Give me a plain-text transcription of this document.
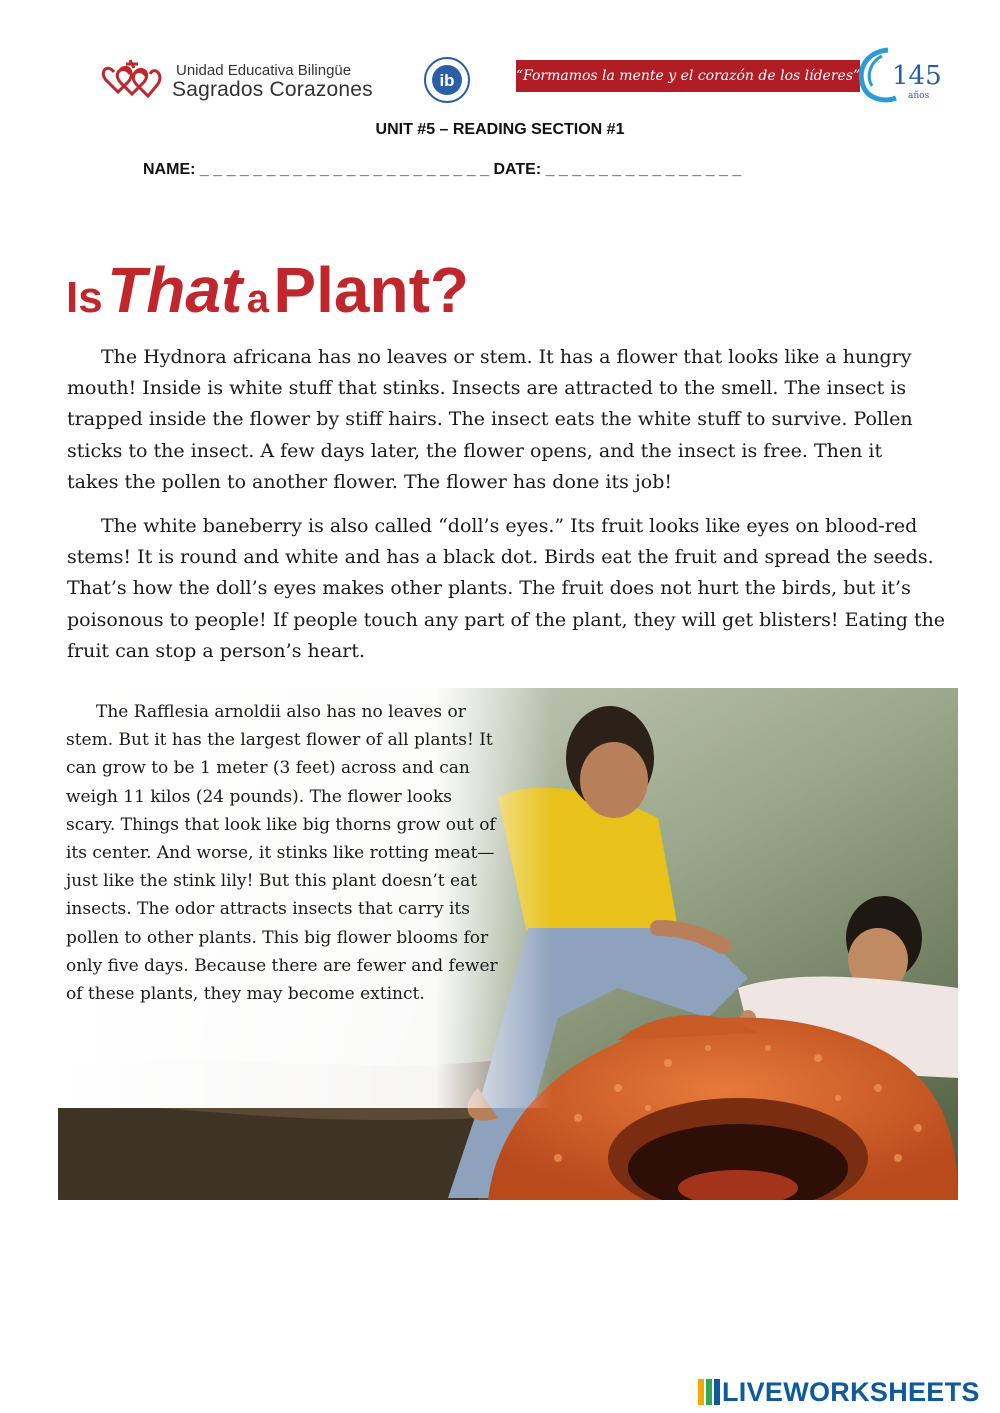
Unidad Educativa Bilingüe
Sagrados Corazones	ib	“Formamos la mente y el corazón de los líderes” 145
años
UNIT #5 – READING SECTION #1
NAME: _ _ _ _ _ _ _ _ _ _ _ _ _ _ _ _ _ _ _ _ _ _ DATE: _ _ _ _ _ _ _ _ _ _ _ _ _ _ _
Is That a Plant?
The Hydnora africana has no leaves or stem. It has a flower that looks like a hungry mouth! Inside is white stuff that stinks. Insects are attracted to the smell. The insect is trapped inside the flower by stiff hairs. The insect eats the white stuff to survive. Pollen sticks to the insect. A few days later, the flower opens, and the insect is free. Then it takes the pollen to another flower. The flower has done its job!
The white baneberry is also called “doll’s eyes.” Its fruit looks like eyes on blood-red stems! It is round and white and has a black dot. Birds eat the fruit and spread the seeds. That’s how the doll’s eyes makes other plants. The fruit does not hurt the birds, but it’s poisonous to people! If people touch any part of the plant, they will get blisters! Eating the fruit can stop a person’s heart.
The Rafflesia arnoldii also has no leaves or stem. But it has the largest flower of all plants! It can grow to be 1 meter (3 feet) across and can weigh 11 kilos (24 pounds). The flower looks scary. Things that look like big thorns grow out of its center. And worse, it stinks like rotting meat—just like the stink lily! But this plant doesn’t eat insects. The odor attracts insects that carry its pollen to other plants. This big flower blooms for only five days. Because there are fewer and fewer of these plants, they may become extinct.
LIVEWORKSHEETS
